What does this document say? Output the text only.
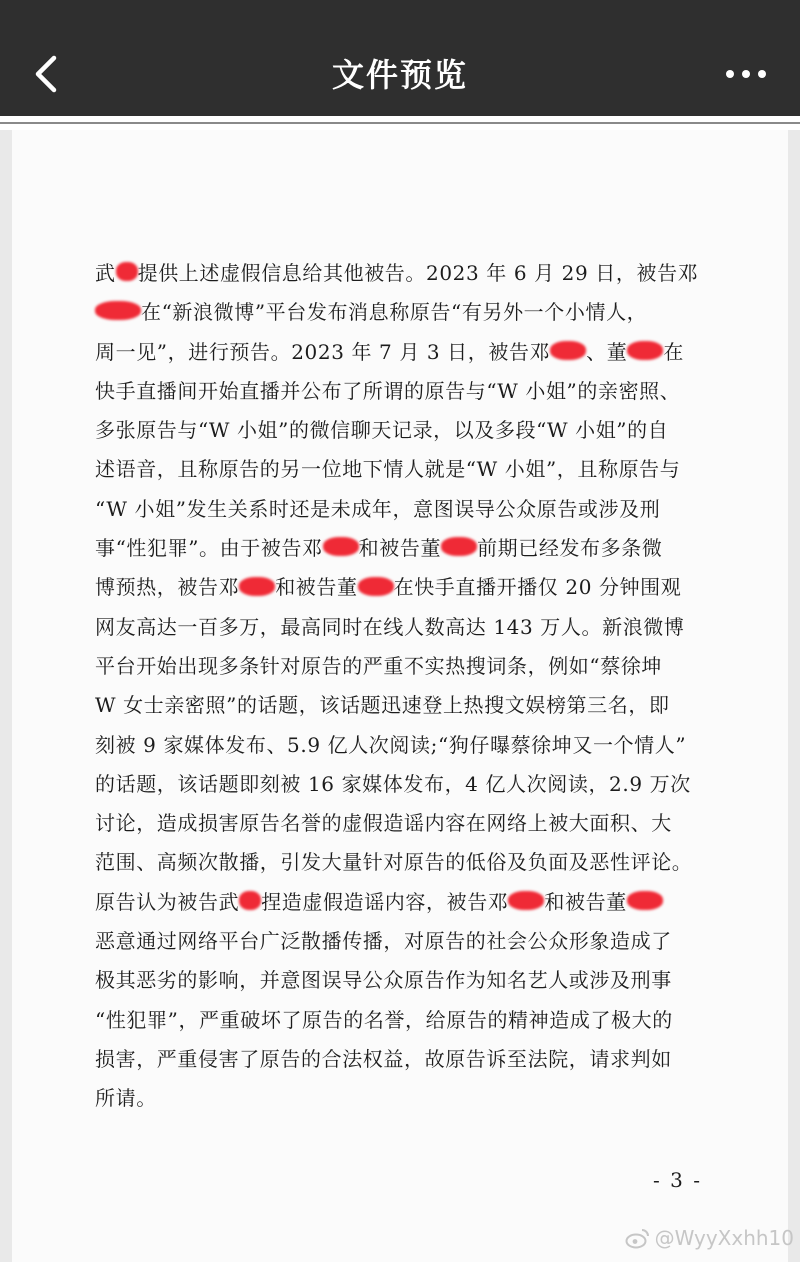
文件预览
武 提供上述虚假信息给其他被告。2023 年 6 月 29 日，被告邓
在“新浪微博”平台发布消息称原告“有另外一个小情人，
周一见”，进行预告。2023 年 7 月 3 日，被告邓 、董 在
快手直播间开始直播并公布了所谓的原告与“W 小姐”的亲密照、
多张原告与“W 小姐”的微信聊天记录，以及多段“W 小姐”的自
述语音，且称原告的另一位地下情人就是“W 小姐”，且称原告与
“W 小姐”发生关系时还是未成年，意图误导公众原告或涉及刑
事“性犯罪”。由于被告邓 和被告董 前期已经发布多条微
博预热，被告邓 和被告董 在快手直播开播仅 20 分钟围观
网友高达一百多万，最高同时在线人数高达 143 万人。新浪微博
平台开始出现多条针对原告的严重不实热搜词条，例如“蔡徐坤
W 女士亲密照”的话题，该话题迅速登上热搜文娱榜第三名，即
刻被 9 家媒体发布、5.9 亿人次阅读;“狗仔曝蔡徐坤又一个情人”
的话题，该话题即刻被 16 家媒体发布，4 亿人次阅读，2.9 万次
讨论，造成损害原告名誉的虚假造谣内容在网络上被大面积、大
范围、高频次散播，引发大量针对原告的低俗及负面及恶性评论。
原告认为被告武 捏造虚假造谣内容，被告邓 和被告董
恶意通过网络平台广泛散播传播，对原告的社会公众形象造成了
极其恶劣的影响，并意图误导公众原告作为知名艺人或涉及刑事
“性犯罪”，严重破坏了原告的名誉，给原告的精神造成了极大的
损害，严重侵害了原告的合法权益，故原告诉至法院，请求判如
所请。
- 3 -
@WyyXxhh10
